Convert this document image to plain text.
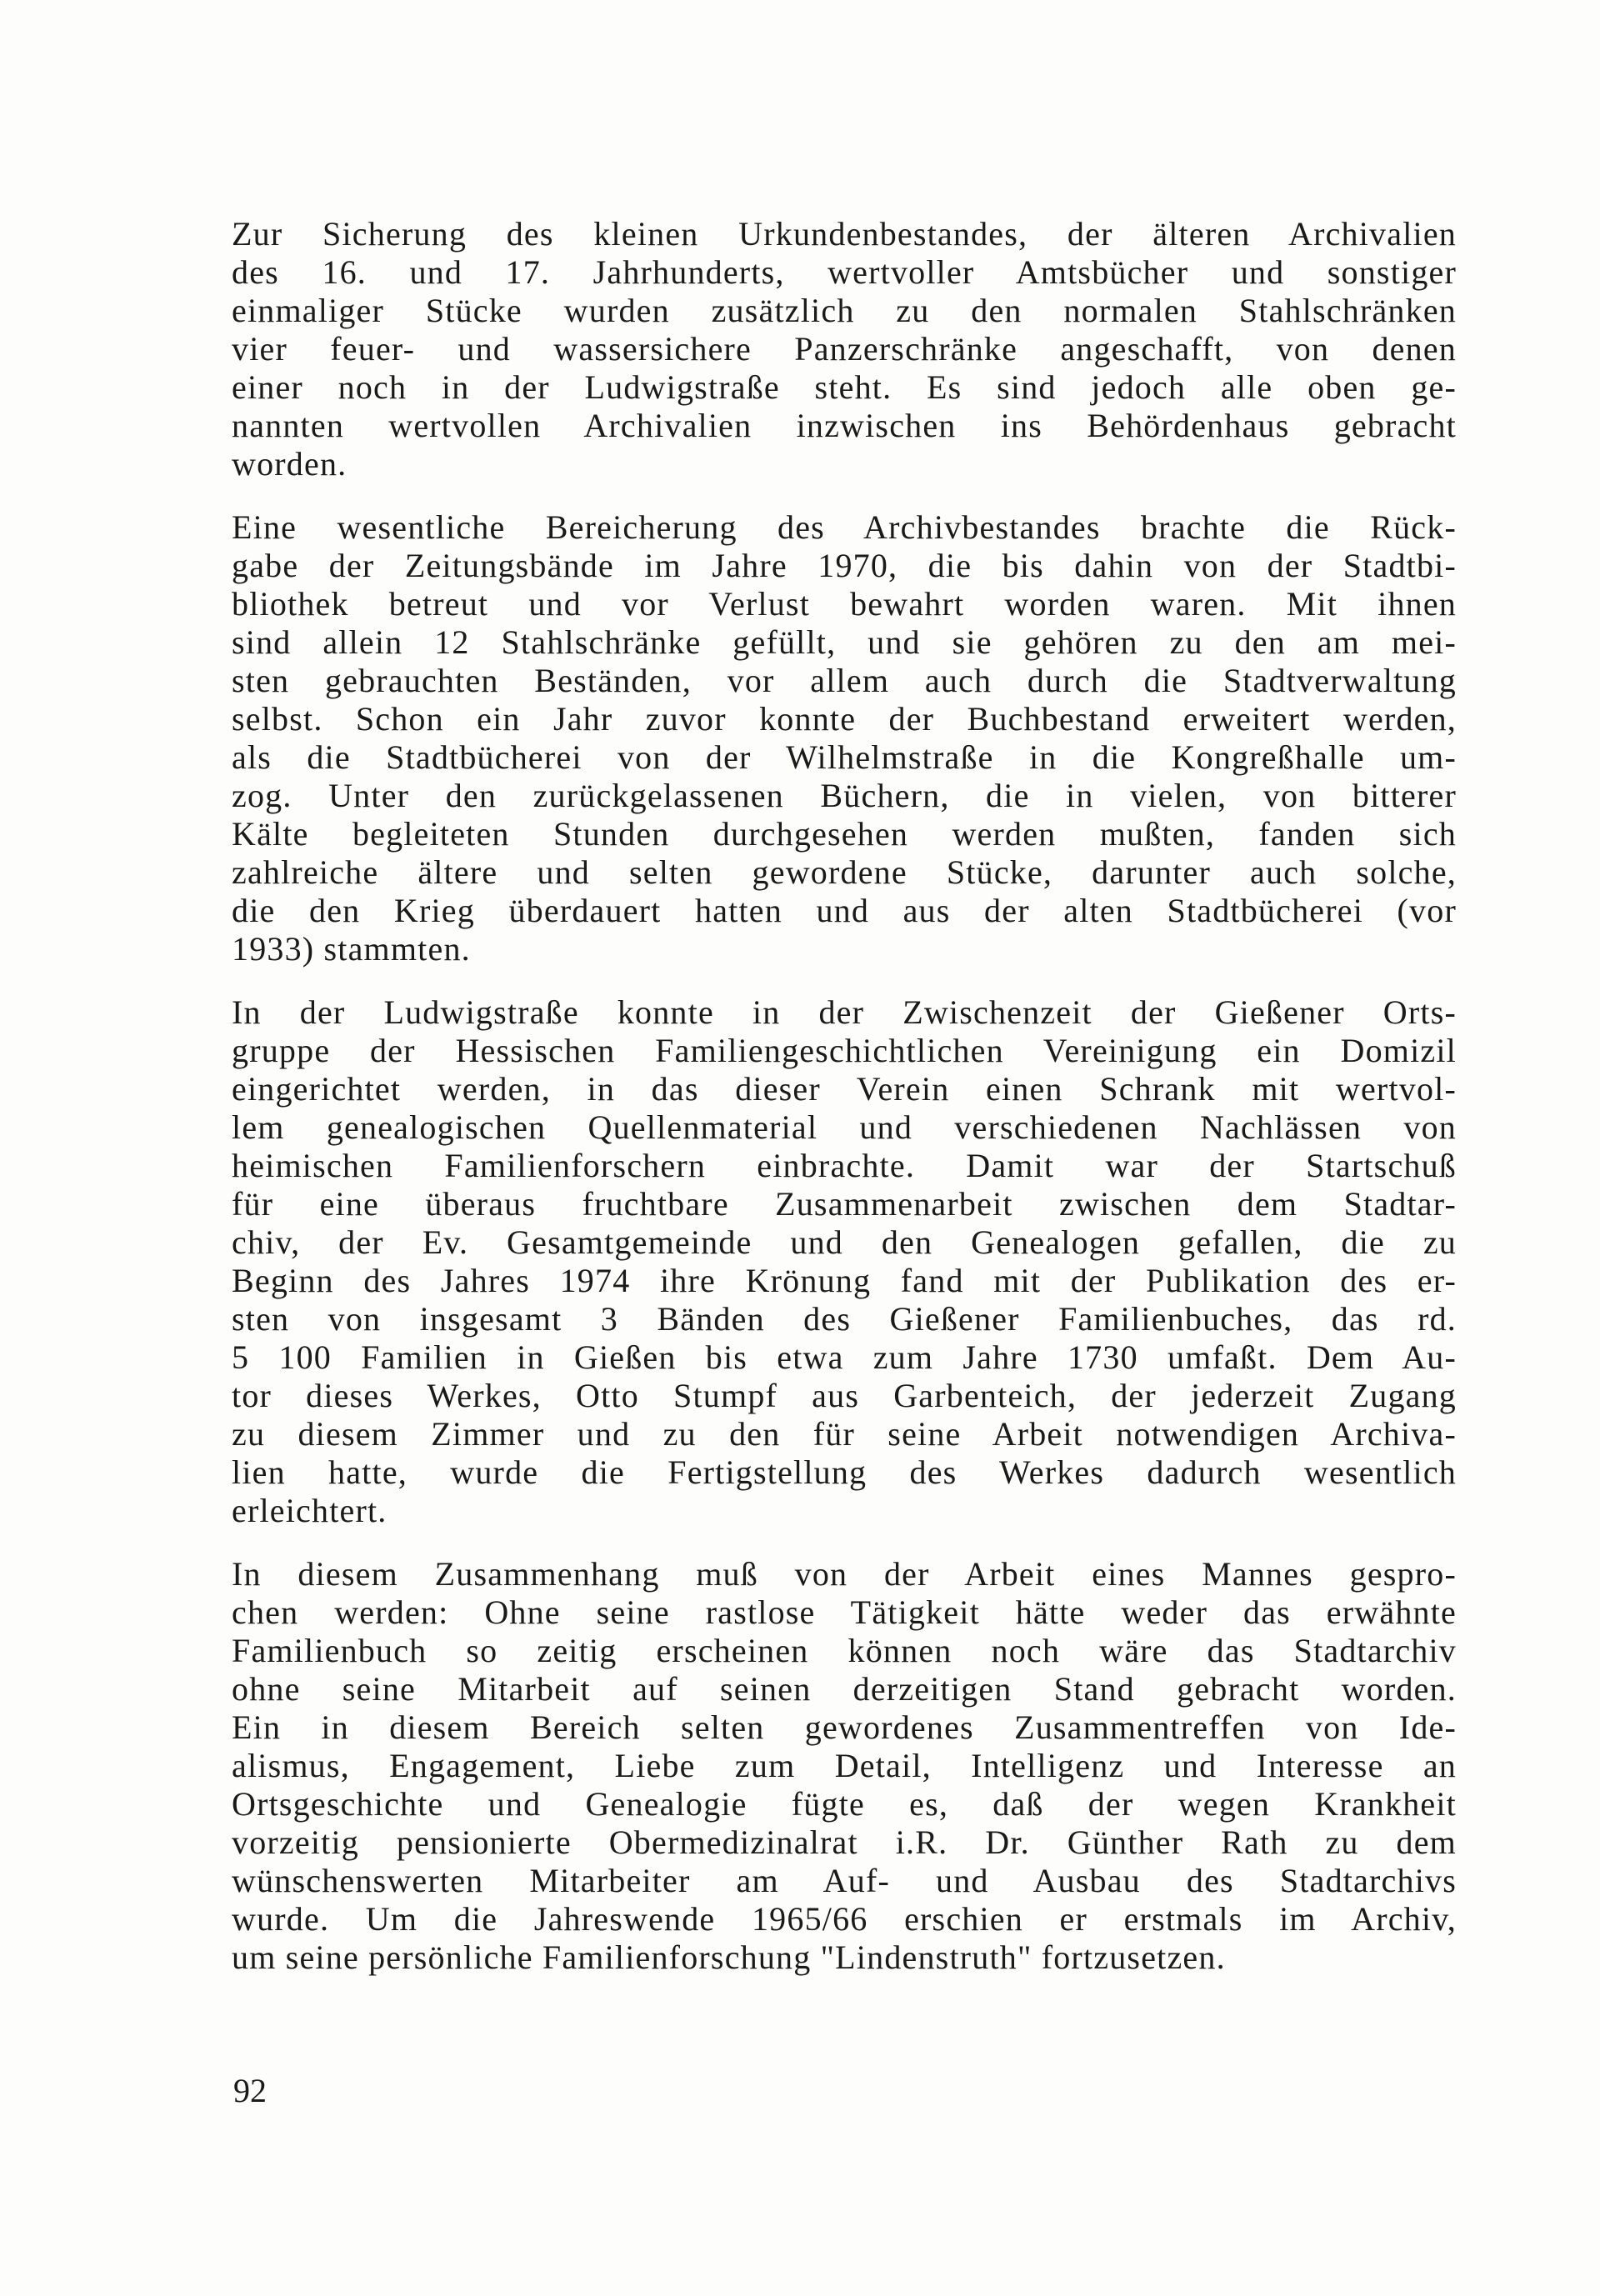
Zur Sicherung des kleinen Urkundenbestandes, der älteren Archivalien
des 16. und 17. Jahrhunderts, wertvoller Amtsbücher und sonstiger
einmaliger Stücke wurden zusätzlich zu den normalen Stahlschränken
vier feuer- und wassersichere Panzerschränke angeschafft, von denen
einer noch in der Ludwigstraße steht. Es sind jedoch alle oben ge-
nannten wertvollen Archivalien inzwischen ins Behördenhaus gebracht
worden.
Eine wesentliche Bereicherung des Archivbestandes brachte die Rück-
gabe der Zeitungsbände im Jahre 1970, die bis dahin von der Stadtbi-
bliothek betreut und vor Verlust bewahrt worden waren. Mit ihnen
sind allein 12 Stahlschränke gefüllt, und sie gehören zu den am mei-
sten gebrauchten Beständen, vor allem auch durch die Stadtverwaltung
selbst. Schon ein Jahr zuvor konnte der Buchbestand erweitert werden,
als die Stadtbücherei von der Wilhelmstraße in die Kongreßhalle um-
zog. Unter den zurückgelassenen Büchern, die in vielen, von bitterer
Kälte begleiteten Stunden durchgesehen werden mußten, fanden sich
zahlreiche ältere und selten gewordene Stücke, darunter auch solche,
die den Krieg überdauert hatten und aus der alten Stadtbücherei (vor
1933) stammten.
In der Ludwigstraße konnte in der Zwischenzeit der Gießener Orts-
gruppe der Hessischen Familiengeschichtlichen Vereinigung ein Domizil
eingerichtet werden, in das dieser Verein einen Schrank mit wertvol-
lem genealogischen Quellenmaterial und verschiedenen Nachlässen von
heimischen Familienforschern einbrachte. Damit war der Startschuß
für eine überaus fruchtbare Zusammenarbeit zwischen dem Stadtar-
chiv, der Ev. Gesamtgemeinde und den Genealogen gefallen, die zu
Beginn des Jahres 1974 ihre Krönung fand mit der Publikation des er-
sten von insgesamt 3 Bänden des Gießener Familienbuches, das rd.
5 100 Familien in Gießen bis etwa zum Jahre 1730 umfaßt. Dem Au-
tor dieses Werkes, Otto Stumpf aus Garbenteich, der jederzeit Zugang
zu diesem Zimmer und zu den für seine Arbeit notwendigen Archiva-
lien hatte, wurde die Fertigstellung des Werkes dadurch wesentlich
erleichtert.
In diesem Zusammenhang muß von der Arbeit eines Mannes gespro-
chen werden: Ohne seine rastlose Tätigkeit hätte weder das erwähnte
Familienbuch so zeitig erscheinen können noch wäre das Stadtarchiv
ohne seine Mitarbeit auf seinen derzeitigen Stand gebracht worden.
Ein in diesem Bereich selten gewordenes Zusammentreffen von Ide-
alismus, Engagement, Liebe zum Detail, Intelligenz und Interesse an
Ortsgeschichte und Genealogie fügte es, daß der wegen Krankheit
vorzeitig pensionierte Obermedizinalrat i.R. Dr. Günther Rath zu dem
wünschenswerten Mitarbeiter am Auf- und Ausbau des Stadtarchivs
wurde. Um die Jahreswende 1965/66 erschien er erstmals im Archiv,
um seine persönliche Familienforschung "Lindenstruth" fortzusetzen.
92
